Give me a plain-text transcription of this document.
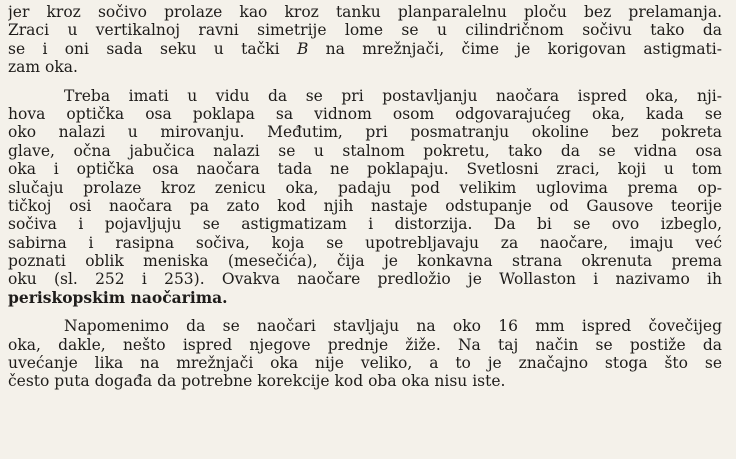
jer kroz sočivo prolaze kao kroz tanku planparalelnu ploču bez prelamanja.
Zraci u vertikalnoj ravni simetrije lome se u cilindričnom sočivu tako da
se i oni sada seku u tački B na mrežnjači, čime je korigovan astigmati-
zam oka.
Treba imati u vidu da se pri postavljanju naočara ispred oka, nji-
hova optička osa poklapa sa vidnom osom odgovarajućeg oka, kada se
oko nalazi u mirovanju. Međutim, pri posmatranju okoline bez pokreta
glave, očna jabučica nalazi se u stalnom pokretu, tako da se vidna osa
oka i optička osa naočara tada ne poklapaju. Svetlosni zraci, koji u tom
slučaju prolaze kroz zenicu oka, padaju pod velikim uglovima prema op-
tičkoj osi naočara pa zato kod njih nastaje odstupanje od Gausove teorije
sočiva i pojavljuju se astigmatizam i distorzija. Da bi se ovo izbeglo,
sabirna i rasipna sočiva, koja se upotrebljavaju za naočare, imaju već
poznati oblik meniska (mesečića), čija je konkavna strana okrenuta prema
oku (sl. 252 i 253). Ovakva naočare predložio je Wollaston i nazivamo ih
periskopskim naočarima.
Napomenimo da se naočari stavljaju na oko 16 mm ispred čovečijeg
oka, dakle, nešto ispred njegove prednje žiže. Na taj način se postiže da
uvećanje lika na mrežnjači oka nije veliko, a to je značajno stoga što se
često puta događa da potrebne korekcije kod oba oka nisu iste.
